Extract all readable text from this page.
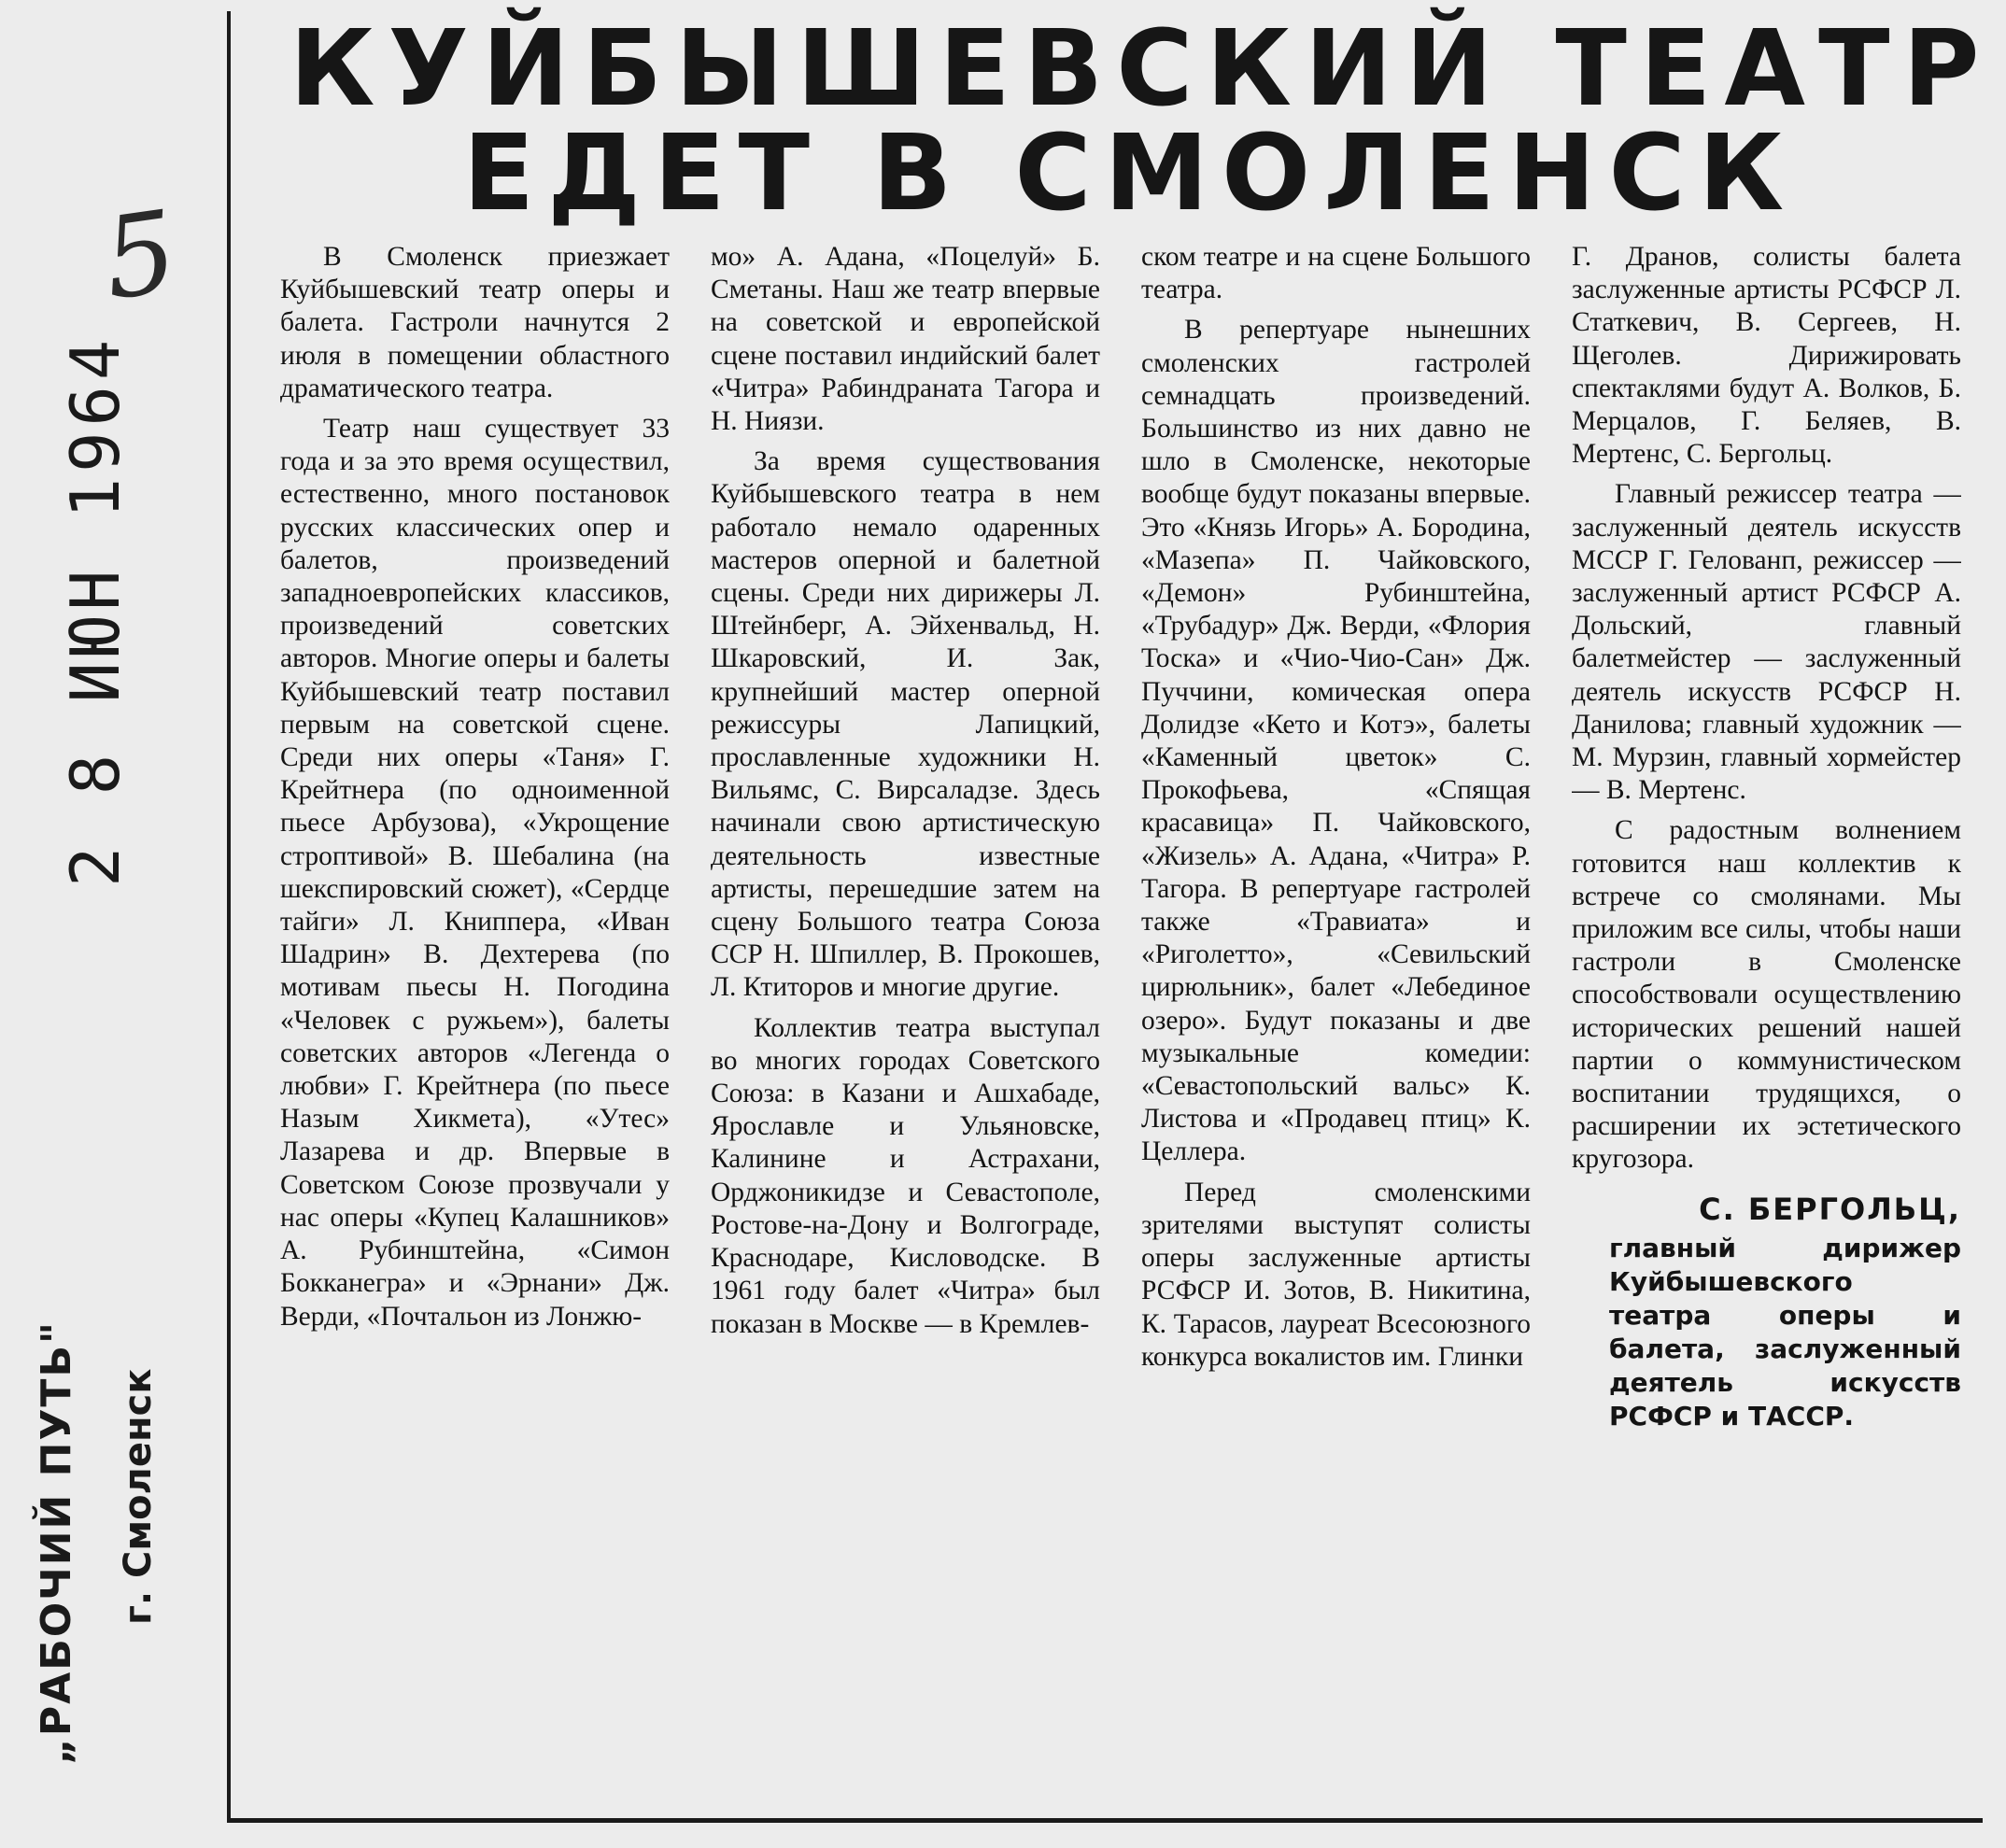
5
2 8 ИЮН 1964
„РАБОЧИЙ ПУТЬ" г. Смоленск
КУЙБЫШЕВСКИЙ ТЕАТР
ЕДЕТ В СМОЛЕНСК

В Смоленск приезжает Куйбышевский театр оперы и балета. Гастроли начнутся 2 июля в помещении областного драматического театра.

Театр наш существует 33 года и за это время осуществил, естественно, много постановок русских классических опер и балетов, произведений западноевропейских классиков, произведений советских авторов. Многие оперы и балеты Куйбышевский театр поставил первым на советской сцене. Среди них оперы «Таня» Г. Крейтнера (по одноименной пьесе Арбузова), «Укрощение строптивой» В. Шебалина (на шекспировский сюжет), «Сердце тайги» Л. Книппера, «Иван Шадрин» В. Дехтерева (по мотивам пьесы Н. Погодина «Человек с ружьем»), балеты советских авторов «Легенда о любви» Г. Крейтнера (по пьесе Назым Хикмета), «Утес» Лазарева и др. Впервые в Советском Союзе прозвучали у нас оперы «Купец Калашников» А. Рубинштейна, «Симон Бокканегра» и «Эрнани» Дж. Верди, «Почтальон из Лонжю-

мо» А. Адана, «Поцелуй» Б. Сметаны. Наш же театр впервые на советской и европейской сцене поставил индийский балет «Читра» Рабиндраната Тагора и Н. Ниязи.

За время существования Куйбышевского театра в нем работало немало одаренных мастеров оперной и балетной сцены. Среди них дирижеры Л. Штейнберг, А. Эйхенвальд, Н. Шкаровский, И. Зак, крупнейший мастер оперной режиссуры Лапицкий, прославленные художники Н. Вильямс, С. Вирсаладзе. Здесь начинали свою артистическую деятельность известные артисты, перешедшие затем на сцену Большого театра Союза ССР Н. Шпиллер, В. Прокошев, Л. Ктиторов и многие другие.

Коллектив театра выступал во многих городах Советского Союза: в Казани и Ашхабаде, Ярославле и Ульяновске, Калинине и Астрахани, Орджоникидзе и Севастополе, Ростове-на-Дону и Волгограде, Краснодаре, Кисловодске. В 1961 году балет «Читра» был показан в Москве — в Кремлев-

ском театре и на сцене Большого театра.

В репертуаре нынешних смоленских гастролей семнадцать произведений. Большинство из них давно не шло в Смоленске, некоторые вообще будут показаны впервые. Это «Князь Игорь» А. Бородина, «Мазепа» П. Чайковского, «Демон» Рубинштейна, «Трубадур» Дж. Верди, «Флория Тоска» и «Чио-Чио-Сан» Дж. Пуччини, комическая опера Долидзе «Кето и Котэ», балеты «Каменный цветок» С. Прокофьева, «Спящая красавица» П. Чайковского, «Жизель» А. Адана, «Читра» Р. Тагора. В репертуаре гастролей также «Травиата» и «Риголетто», «Севильский цирюльник», балет «Лебединое озеро». Будут показаны и две музыкальные комедии: «Севастопольский вальс» К. Листова и «Продавец птиц» К. Целлера.

Перед смоленскими зрителями выступят солисты оперы заслуженные артисты РСФСР И. Зотов, В. Никитина, К. Тарасов, лауреат Всесоюзного конкурса вокалистов им. Глинки

Г. Дранов, солисты балета заслуженные артисты РСФСР Л. Статкевич, В. Сергеев, Н. Щеголев. Дирижировать спектаклями будут А. Волков, Б. Мерцалов, Г. Беляев, В. Мертенс, С. Бергольц.

Главный режиссер театра — заслуженный деятель искусств МССР Г. Гелованп, режиссер — заслуженный артист РСФСР А. Дольский, главный балетмейстер — заслуженный деятель искусств РСФСР Н. Данилова; главный художник — М. Мурзин, главный хормейстер — В. Мертенс.

С радостным волнением готовится наш коллектив к встрече со смолянами. Мы приложим все силы, чтобы наши гастроли в Смоленске способствовали осуществлению исторических решений нашей партии о коммунистическом воспитании трудящихся, о расширении их эстетического кругозора.

С. БЕРГОЛЬЦ,
главный дирижер Куйбышевского театра оперы и балета, заслуженный деятель искусств РСФСР и ТАССР.
